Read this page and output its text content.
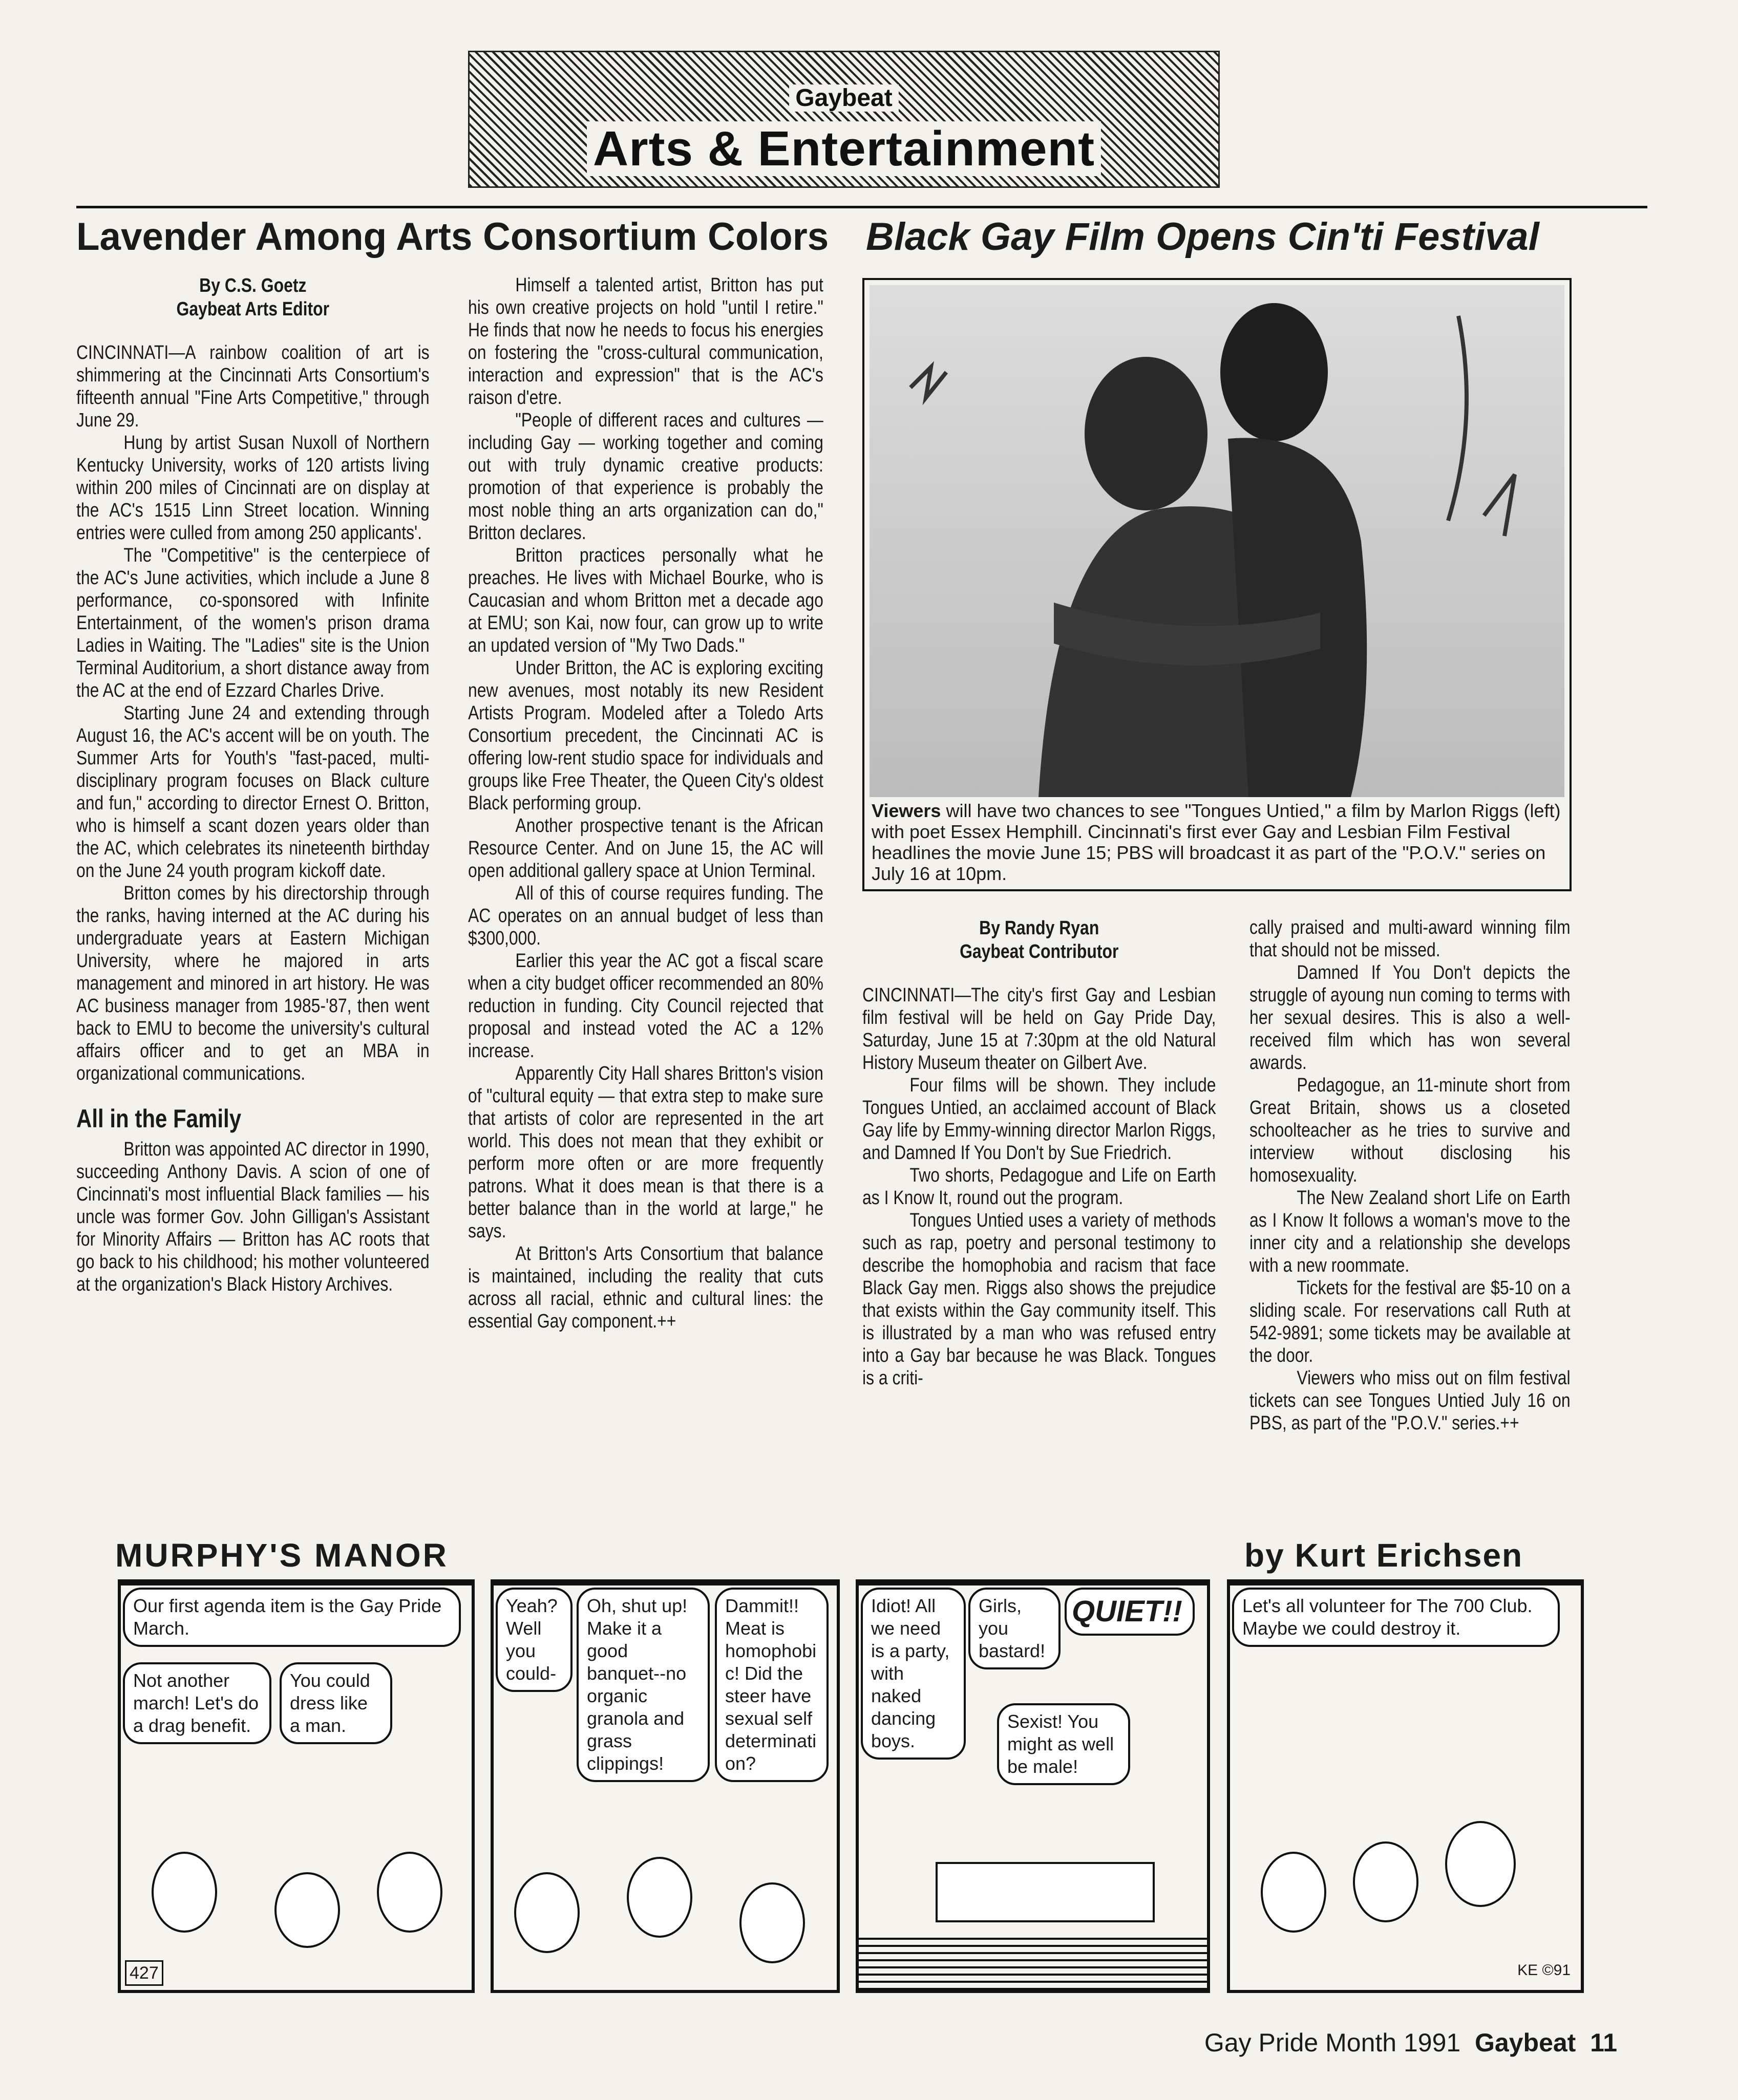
Gaybeat
Arts & Entertainment
Lavender Among Arts Consortium Colors Black Gay Film Opens Cin'ti Festival
By C.S. Goetz
Gaybeat Arts Editor

CINCINNATI—A rainbow coalition of art is shimmering at the Cincinnati Arts Consortium's fifteenth annual "Fine Arts Competitive," through June 29.

Hung by artist Susan Nuxoll of Northern Kentucky University, works of 120 artists living within 200 miles of Cincinnati are on display at the AC's 1515 Linn Street location. Winning entries were culled from among 250 applicants'.

The "Competitive" is the centerpiece of the AC's June activities, which include a June 8 performance, co-sponsored with Infinite Entertainment, of the women's prison drama Ladies in Waiting. The "Ladies" site is the Union Terminal Auditorium, a short distance away from the AC at the end of Ezzard Charles Drive.

Starting June 24 and extending through August 16, the AC's accent will be on youth. The Summer Arts for Youth's "fast-paced, multi-disciplinary program focuses on Black culture and fun," according to director Ernest O. Britton, who is himself a scant dozen years older than the AC, which celebrates its nineteenth birthday on the June 24 youth program kickoff date.

Britton comes by his directorship through the ranks, having interned at the AC during his undergraduate years at Eastern Michigan University, where he majored in arts management and minored in art history. He was AC business manager from 1985-'87, then went back to EMU to become the university's cultural affairs officer and to get an MBA in organizational communications.

All in the Family

Britton was appointed AC director in 1990, succeeding Anthony Davis. A scion of one of Cincinnati's most influential Black families — his uncle was former Gov. John Gilligan's Assistant for Minority Affairs — Britton has AC roots that go back to his childhood; his mother volunteered at the organization's Black History Archives.

Himself a talented artist, Britton has put his own creative projects on hold "until I retire." He finds that now he needs to focus his energies on fostering the "cross-cultural communication, interaction and expression" that is the AC's raison d'etre.

"People of different races and cultures — including Gay — working together and coming out with truly dynamic creative products: promotion of that experience is probably the most noble thing an arts organization can do," Britton declares.

Britton practices personally what he preaches. He lives with Michael Bourke, who is Caucasian and whom Britton met a decade ago at EMU; son Kai, now four, can grow up to write an updated version of "My Two Dads."

Under Britton, the AC is exploring exciting new avenues, most notably its new Resident Artists Program. Modeled after a Toledo Arts Consortium precedent, the Cincinnati AC is offering low-rent studio space for individuals and groups like Free Theater, the Queen City's oldest Black performing group.

Another prospective tenant is the African Resource Center. And on June 15, the AC will open additional gallery space at Union Terminal.

All of this of course requires funding. The AC operates on an annual budget of less than $300,000.

Earlier this year the AC got a fiscal scare when a city budget officer recommended an 80% reduction in funding. City Council rejected that proposal and instead voted the AC a 12% increase.

Apparently City Hall shares Britton's vision of "cultural equity — that extra step to make sure that artists of color are represented in the art world. This does not mean that they exhibit or perform more often or are more frequently patrons. What it does mean is that there is a better balance than in the world at large," he says.

At Britton's Arts Consortium that balance is maintained, including the reality that cuts across all racial, ethnic and cultural lines: the essential Gay component.++

Viewers will have two chances to see "Tongues Untied," a film by Marlon Riggs (left) with poet Essex Hemphill. Cincinnati's first ever Gay and Lesbian Film Festival headlines the movie June 15; PBS will broadcast it as part of the "P.O.V." series on July 16 at 10pm.
By Randy Ryan
Gaybeat Contributor

CINCINNATI—The city's first Gay and Lesbian film festival will be held on Gay Pride Day, Saturday, June 15 at 7:30pm at the old Natural History Museum theater on Gilbert Ave.

Four films will be shown. They include Tongues Untied, an acclaimed account of Black Gay life by Emmy-winning director Marlon Riggs, and Damned If You Don't by Sue Friedrich.

Two shorts, Pedagogue and Life on Earth as I Know It, round out the program.

Tongues Untied uses a variety of methods such as rap, poetry and personal testimony to describe the homophobia and racism that face Black Gay men. Riggs also shows the prejudice that exists within the Gay community itself. This is illustrated by a man who was refused entry into a Gay bar because he was Black. Tongues is a criti-

cally praised and multi-award winning film that should not be missed.

Damned If You Don't depicts the struggle of ayoung nun coming to terms with her sexual desires. This is also a well-received film which has won several awards.

Pedagogue, an 11-minute short from Great Britain, shows us a closeted schoolteacher as he tries to survive and interview without disclosing his homosexuality.

The New Zealand short Life on Earth as I Know It follows a woman's move to the inner city and a relationship she develops with a new roommate.

Tickets for the festival are $5-10 on a sliding scale. For reservations call Ruth at 542-9891; some tickets may be available at the door.

Viewers who miss out on film festival tickets can see Tongues Untied July 16 on PBS, as part of the "P.O.V." series.++

MURPHY'S MANOR	by Kurt Erichsen
Our first agenda item is the Gay Pride March.
Not another march! Let's do a drag benefit.
You could dress like a man.
427
Yeah? Well you could-
Oh, shut up! Make it a good banquet--no organic granola and grass clippings!
Dammit!! Meat is homophobic! Did the steer have sexual self determination?
Idiot! All we need is a party, with naked dancing boys.
Girls, you bastard!
QUIET!!
Sexist! You might as well be male!
Let's all volunteer for The 700 Club. Maybe we could destroy it.
KE ©91
Gay Pride Month 1991 Gaybeat 11
